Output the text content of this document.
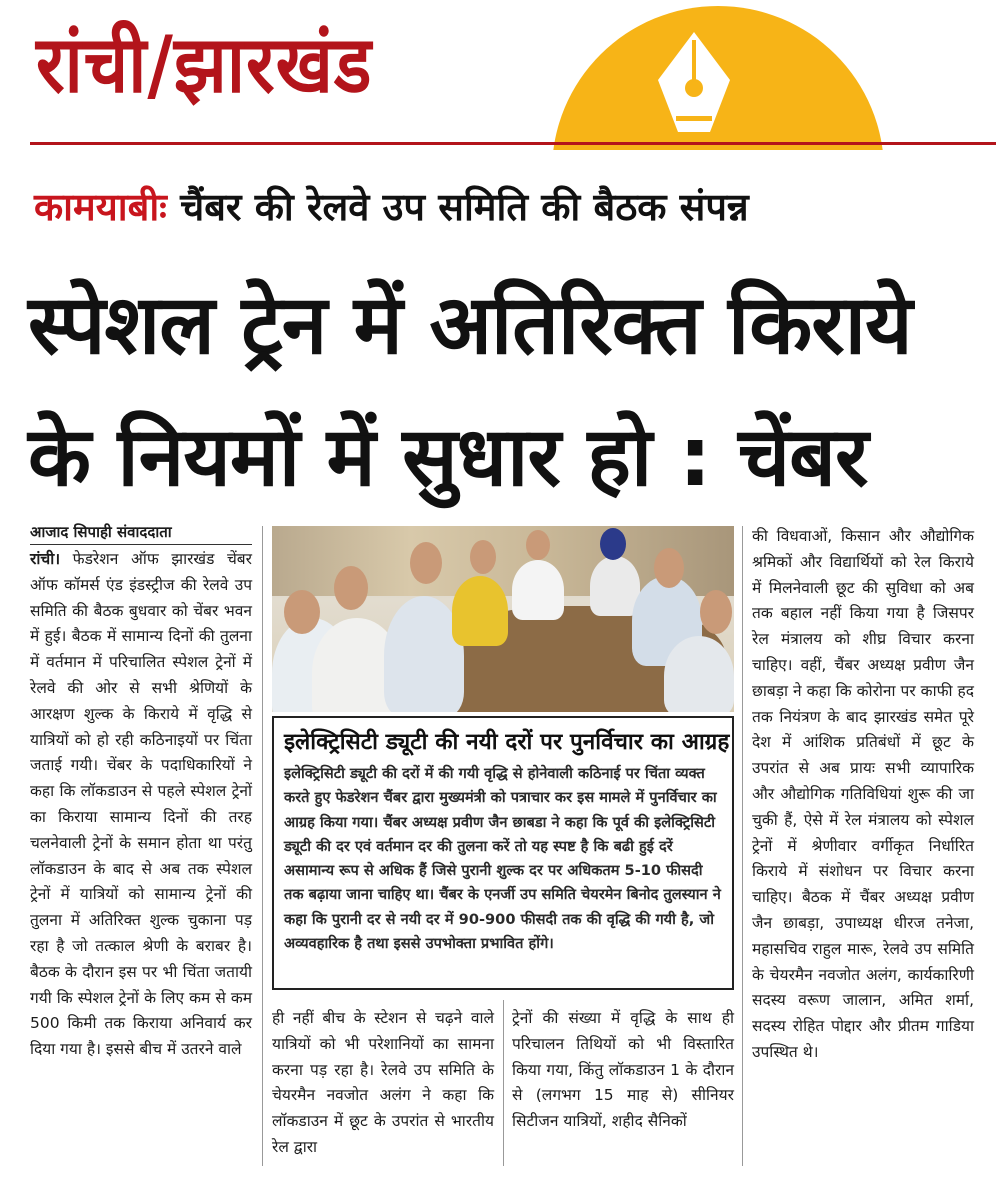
रांची/झारखंड
कामयाबीः चैंबर की रेलवे उप समिति की बैठक संपन्न
स्पेशल ट्रेन में अतिरिक्त किराये
के नियमों में सुधार हो : चेंबर
आजाद सिपाही संवाददाता

रांची। फेडरेशन ऑफ झारखंड चेंबर ऑफ कॉमर्स एंड इंडस्ट्रीज की रेलवे उप समिति की बैठक बुधवार को चेंबर भवन में हुई। बैठक में सामान्य दिनों की तुलना में वर्तमान में परिचालित स्पेशल ट्रेनों में रेलवे की ओर से सभी श्रेणियों के आरक्षण शुल्क के किराये में वृद्धि से यात्रियों को हो रही कठिनाइयों पर चिंता जताई गयी। चेंबर के पदाधिकारियों ने कहा कि लॉकडाउन से पहले स्पेशल ट्रेनों का किराया सामान्य दिनों की तरह चलनेवाली ट्रेनों के समान होता था परंतु लॉकडाउन के बाद से अब तक स्पेशल ट्रेनों में यात्रियों को सामान्य ट्रेनों की तुलना में अतिरिक्त शुल्क चुकाना पड़ रहा है जो तत्काल श्रेणी के बराबर है। बैठक के दौरान इस पर भी चिंता जतायी गयी कि स्पेशल ट्रेनों के लिए कम से कम 500 किमी तक किराया अनिवार्य कर दिया गया है। इससे बीच में उतरने वाले

इलेक्ट्रिसिटी ड्यूटी की नयी दरों पर पुनर्विचार का आग्रह
इलेक्ट्रिसिटी ड्यूटी की दरों में की गयी वृद्धि से होनेवाली कठिनाई पर चिंता व्यक्त करते हुए फेडरेशन चैंबर द्वारा मुख्यमंत्री को पत्राचार कर इस मामले में पुनर्विचार का आग्रह किया गया। चैंबर अध्यक्ष प्रवीण जैन छाबडा ने कहा कि पूर्व की इलेक्ट्रिसिटी ड्यूटी की दर एवं वर्तमान दर की तुलना करें तो यह स्पष्ट है कि बढी हुई दरें असामान्य रूप से अधिक हैं जिसे पुरानी शुल्क दर पर अधिकतम 5-10 फीसदी तक बढ़ाया जाना चाहिए था। चैंबर के एनर्जी उप समिति चेयरमेन बिनोद तुलस्यान ने कहा कि पुरानी दर से नयी दर में 90-900 फीसदी तक की वृद्धि की गयी है, जो अव्यवहारिक है तथा इससे उपभोक्ता प्रभावित होंगे।
ही नहीं बीच के स्टेशन से चढ़ने वाले यात्रियों को भी परेशानियों का सामना करना पड़ रहा है। रेलवे उप समिति के चेयरमैन नवजोत अलंग ने कहा कि लॉकडाउन में छूट के उपरांत से भारतीय रेल द्वारा
ट्रेनों की संख्या में वृद्धि के साथ ही परिचालन तिथियों को भी विस्तारित किया गया, किंतु लॉकडाउन 1 के दौरान से (लगभग 15 माह से) सीनियर सिटीजन यात्रियों, शहीद सैनिकों
की विधवाओं, किसान और औद्योगिक श्रमिकों और विद्यार्थियों को रेल किराये में मिलनेवाली छूट की सुविधा को अब तक बहाल नहीं किया गया है जिसपर रेल मंत्रालय को शीघ्र विचार करना चाहिए। वहीं, चैंबर अध्यक्ष प्रवीण जैन छाबड़ा ने कहा कि कोरोना पर काफी हद तक नियंत्रण के बाद झारखंड समेत पूरे देश में आंशिक प्रतिबंधों में छूट के उपरांत से अब प्रायः सभी व्यापारिक और औद्योगिक गतिविधियां शुरू की जा चुकी हैं, ऐसे में रेल मंत्रालय को स्पेशल ट्रेनों में श्रेणीवार वर्गीकृत निर्धारित किराये में संशोधन पर विचार करना चाहिए। बैठक में चैंबर अध्यक्ष प्रवीण जैन छाबड़ा, उपाध्यक्ष धीरज तनेजा, महासचिव राहुल मारू, रेलवे उप समिति के चेयरमैन नवजोत अलंग, कार्यकारिणी सदस्य वरूण जालान, अमित शर्मा, सदस्य रोहित पोद्दार और प्रीतम गाडिया उपस्थित थे।
